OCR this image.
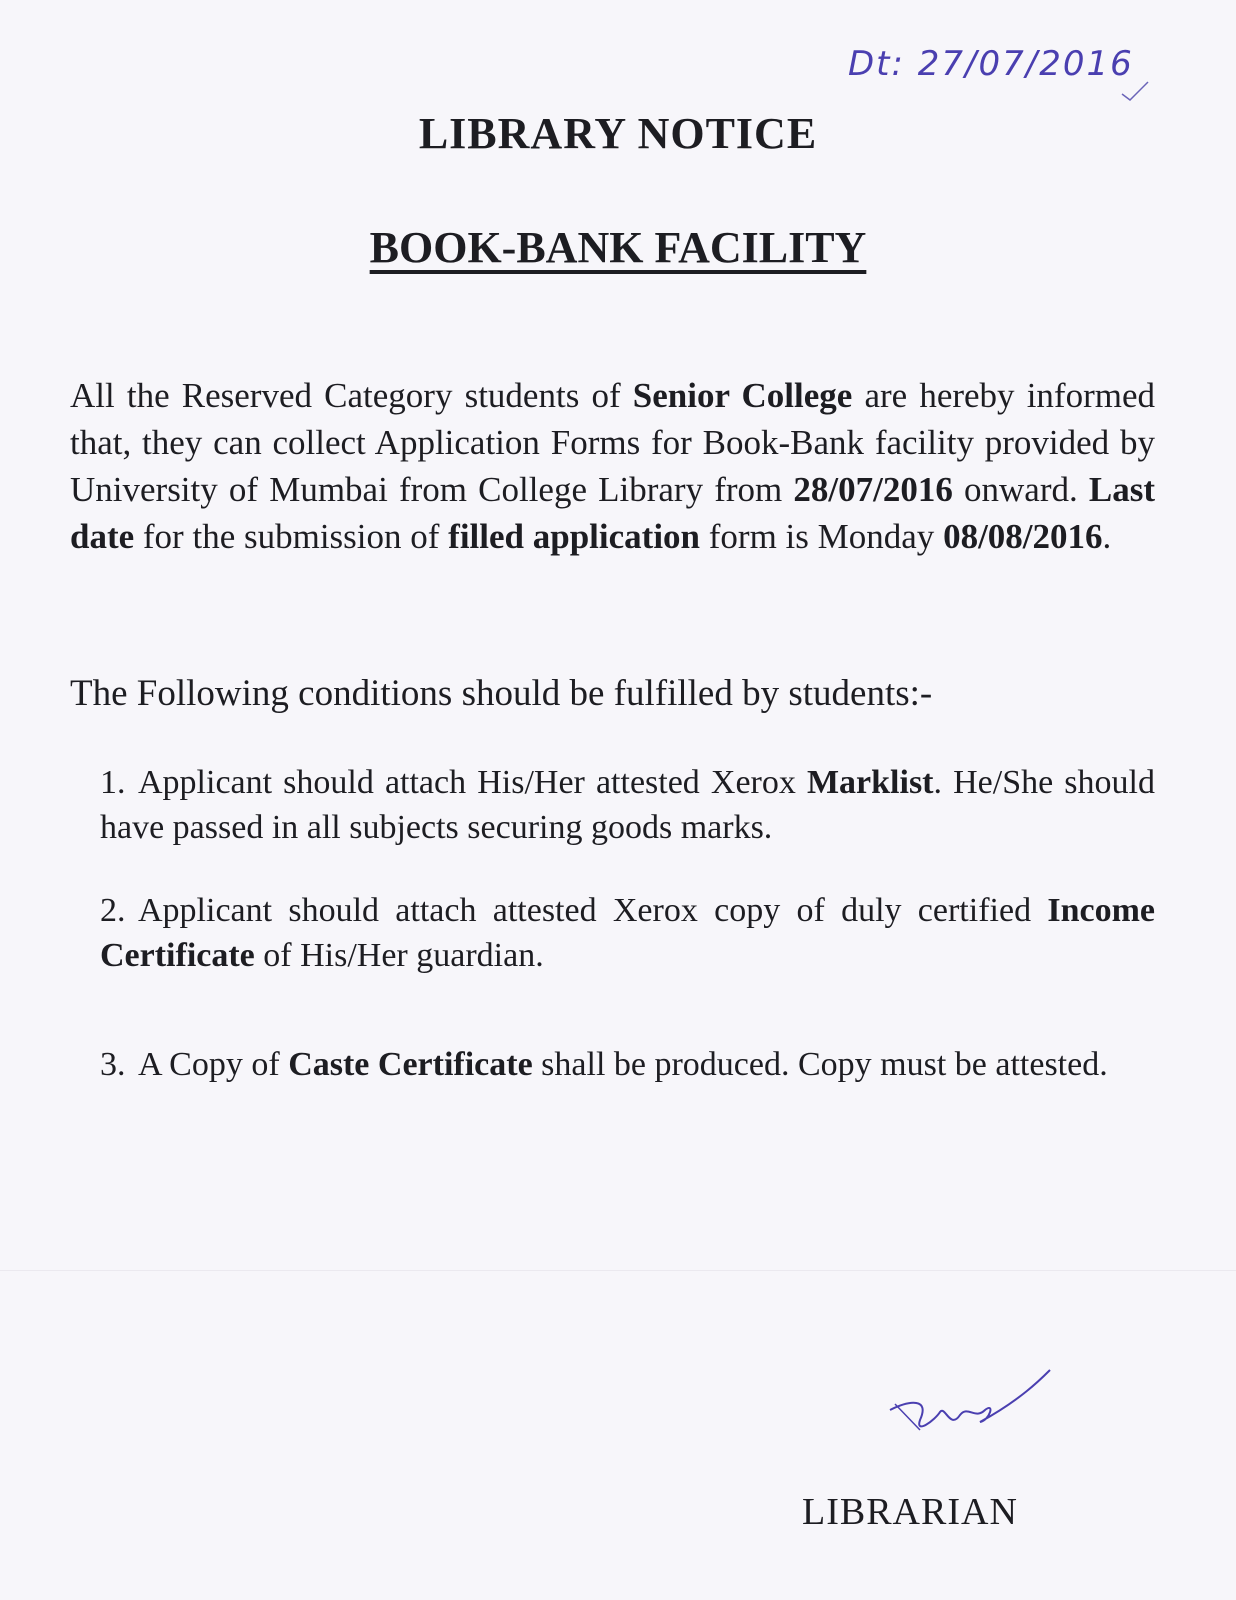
Dt: 27/07/2016
LIBRARY NOTICE
BOOK-BANK FACILITY
All the Reserved Category students of Senior College are hereby informed that, they can collect Application Forms for Book-Bank facility provided by University of Mumbai from College Library from 28/07/2016 onward. Last date for the submission of filled application form is Monday 08/08/2016.
The Following conditions should be fulfilled by students:-
1. Applicant should attach His/Her attested Xerox Marklist. He/She should have passed in all subjects securing goods marks.
2. Applicant should attach attested Xerox copy of duly certified Income Certificate of His/Her guardian.
3. A Copy of Caste Certificate shall be produced. Copy must be attested.
LIBRARIAN
